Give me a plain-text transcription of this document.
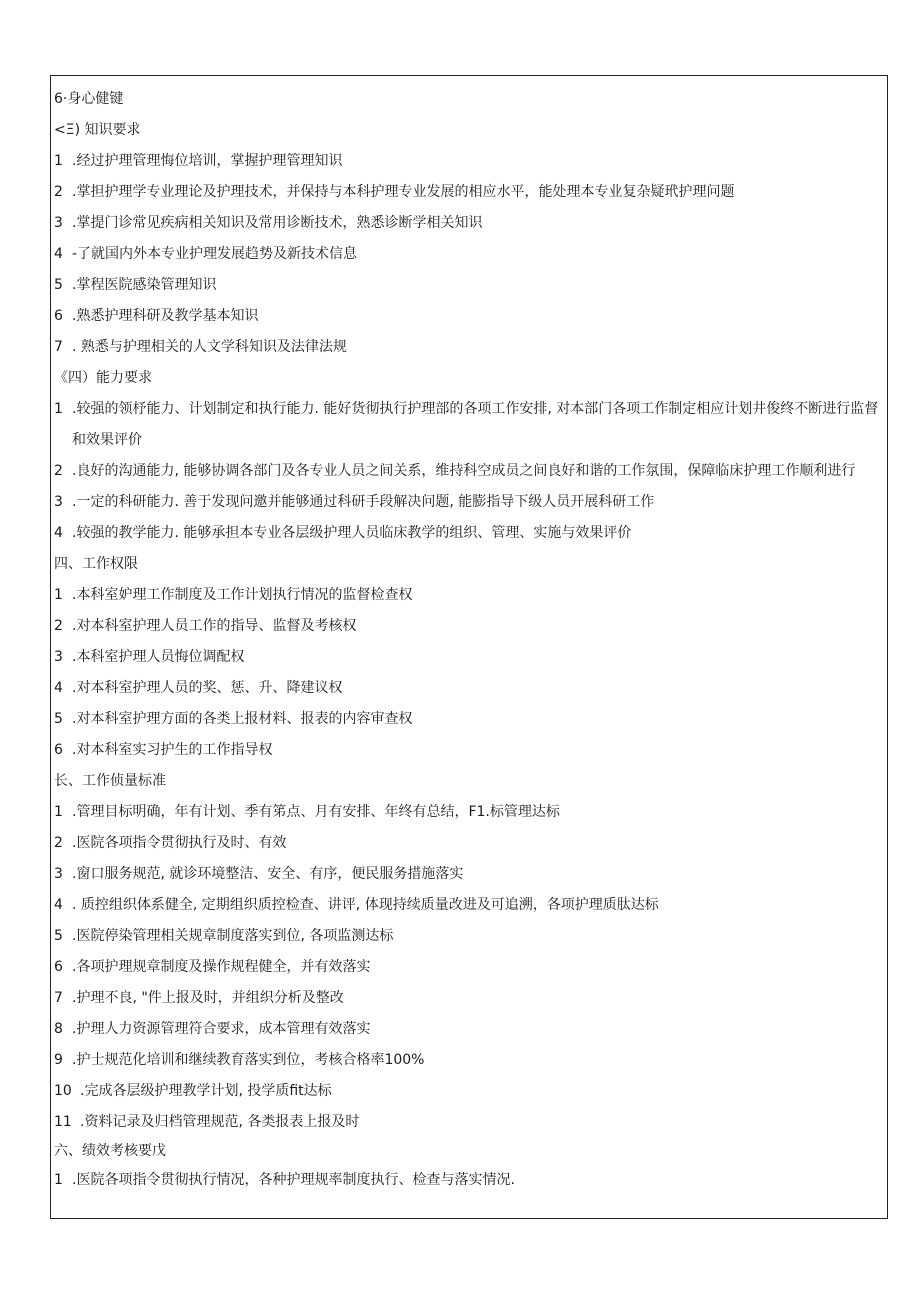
6·身心健键
<Ξ) 知识要求
1 .经过护理管理悔位培训，掌握护理管理知识
2 .掌担护理学专业理论及护理技术，并保持与本科护理专业发展的相应水平，能处理本专业复杂疑玳护理问题
3 .掌提门诊常见疾病相关知识及常用诊断技术，熟悉诊断学相关知识
4 -了就国内外本专业护理发展趋势及新技术信息
5 .掌程医院感染管理知识
6 .熟悉护理科研及教学基本知识
7 . 熟悉与护理相关的人文学科知识及法律法规
《四）能力要求
1 .较强的领杼能力、计划制定和执行能力. 能好货彻执行护理部的各项工作安排, 对本部门各项工作制定相应计划井俊终不断进行监督和效果评价
2 .良好的沟通能力, 能够协调各部门及各专业人员之间关系，维持科空成员之间良好和谐的工作氛围，保障临床护理工作顺利进行
3 .一定的科研能力. 善于发现问邀并能够通过科研手段解决问题, 能膨指导下级人员开展科研工作
4 .较强的教学能力. 能够承担本专业各层级护理人员临床教学的组织、管理、实施与效果评价
四、工作权限
1 .本科室妒理工作制度及工作计划执行情况的监督检查权
2 .对本科室护理人员工作的指导、监督及考核权
3 .本科室护理人员悔位调配权
4 .对本科室护理人员的奖、惩、升、降建议权
5 .对本科室护理方面的各类上报材料、报表的内容审查权
6 .对本科室实习护生的工作指导权
长、工作侦量标准
1 .管理目标明确，年有计划、季有笫点、月有安排、年终有总结，F1.标管理达标
2 .医院各项指令贯彻执行及时、有效
3 .窗口服务规范, 就诊环境整洁、安全、有序，便民服务措施落实
4 . 质控组织体系健全, 定期组织质控检查、讲评, 体现持续质量改进及可追溯，各项护理质肽达标
5 .医院停染管理相关规章制度落实到位, 各项监测达标
6 .各项护理规章制度及操作规程健全，并有效落实
7 .护理不良, "件上报及时，并组织分析及整改
8 .护理人力资源管理符合要求，成本管理有效落实
9 .护士规范化培训和继续教育落实到位，考核合格率100%
10 .完成各层级护理教学计划, 投学质fit达标
11 .资料记录及归档管理规范, 各类报表上报及时
六、绩效考核要戊
1 .医院各项指令贯彻执行情况，各种护理规率制度执行、检查与落实情况.
